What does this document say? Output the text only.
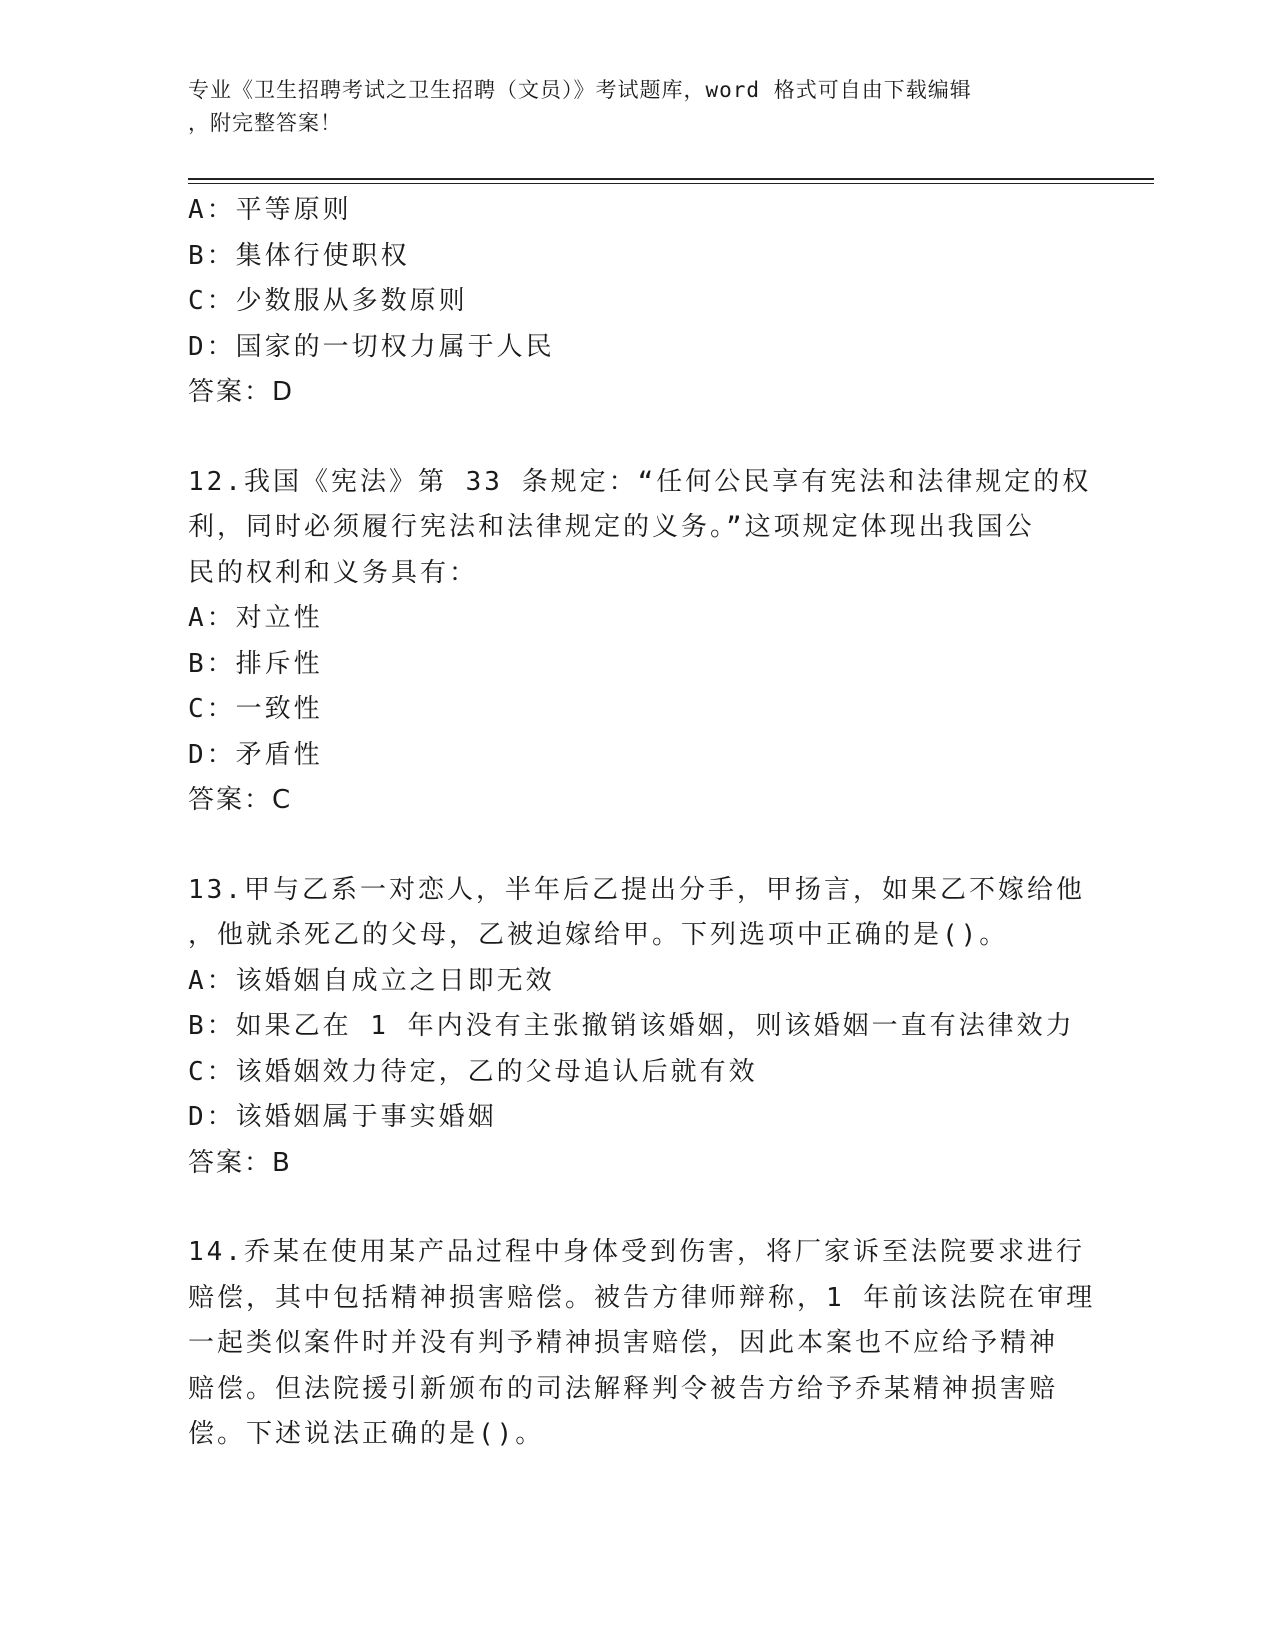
专业《卫生招聘考试之卫生招聘（文员）》考试题库，word 格式可自由下载编辑
，附完整答案！
A：平等原则
B：集体行使职权
C：少数服从多数原则
D：国家的一切权力属于人民
答案：D
12.我国《宪法》第 33 条规定：“任何公民享有宪法和法律规定的权
利，同时必须履行宪法和法律规定的义务。”这项规定体现出我国公
民的权利和义务具有：
A：对立性
B：排斥性
C：一致性
D：矛盾性
答案：C
13.甲与乙系一对恋人，半年后乙提出分手，甲扬言，如果乙不嫁给他
，他就杀死乙的父母，乙被迫嫁给甲。下列选项中正确的是()。
A：该婚姻自成立之日即无效
B：如果乙在 1 年内没有主张撤销该婚姻，则该婚姻一直有法律效力
C：该婚姻效力待定，乙的父母追认后就有效
D：该婚姻属于事实婚姻
答案：B
14.乔某在使用某产品过程中身体受到伤害，将厂家诉至法院要求进行
赔偿，其中包括精神损害赔偿。被告方律师辩称，1 年前该法院在审理
一起类似案件时并没有判予精神损害赔偿，因此本案也不应给予精神
赔偿。但法院援引新颁布的司法解释判令被告方给予乔某精神损害赔
偿。下述说法正确的是()。
